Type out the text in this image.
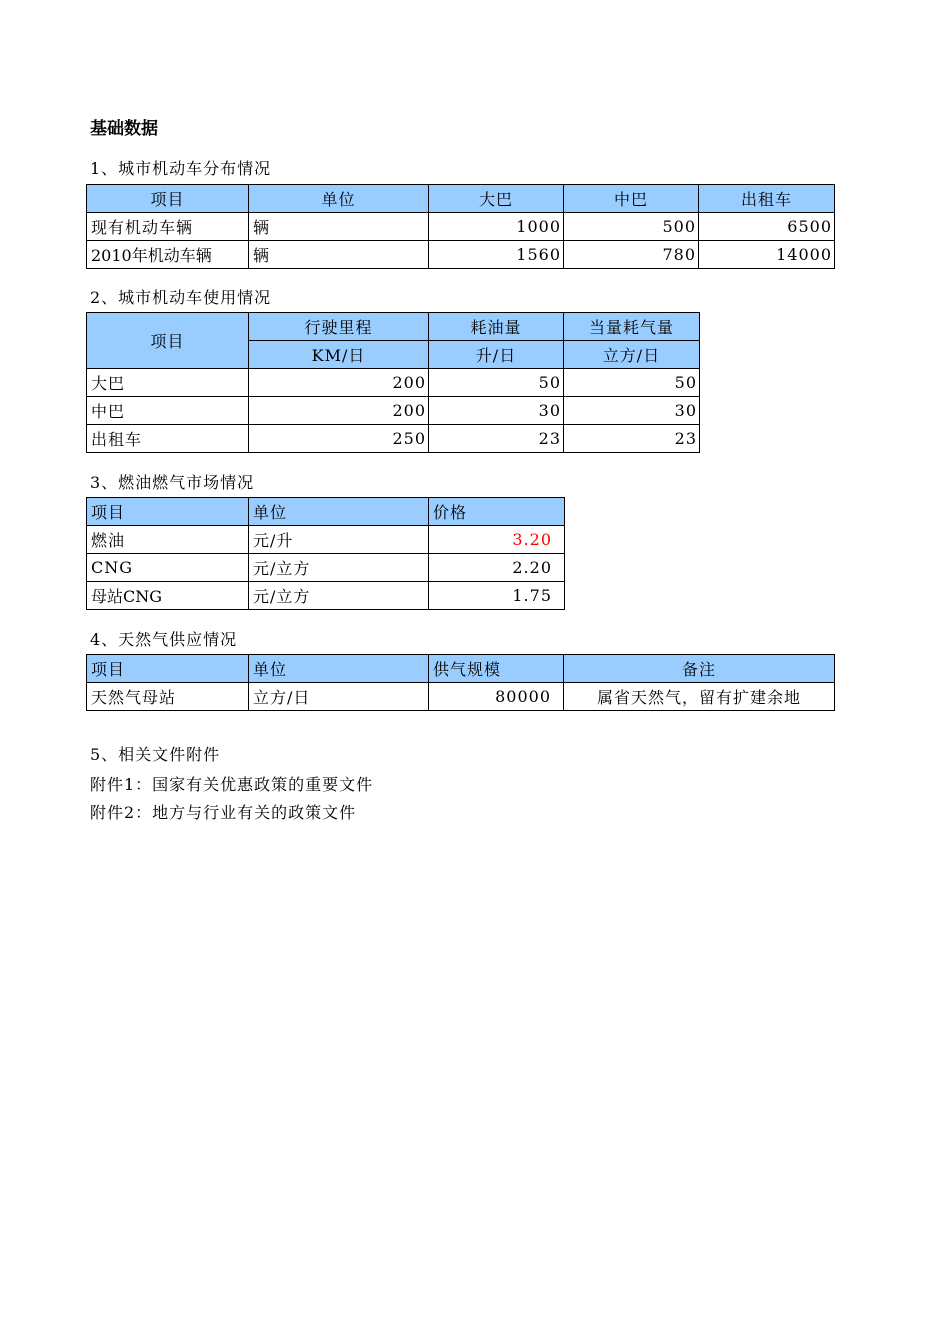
基础数据
1、城市机动车分布情况
项目	单位	大巴	中巴	出租车
现有机动车辆	辆	1000	500	6500
2010年机动车辆	辆	1560	780	14000
2、城市机动车使用情况
项目	行驶里程	耗油量	当量耗气量
	KM/日	升/日	立方/日
大巴	200	50	50
中巴	200	30	30
出租车	250	23	23
3、燃油燃气市场情况
项目	单位	价格
燃油	元/升	3.20
CNG	元/立方	2.20
母站CNG	元/立方	1.75
4、天然气供应情况
项目	单位	供气规模	备注
天然气母站	立方/日	80000	属省天然气，留有扩建余地
5、相关文件附件
附件1：国家有关优惠政策的重要文件
附件2：地方与行业有关的政策文件
